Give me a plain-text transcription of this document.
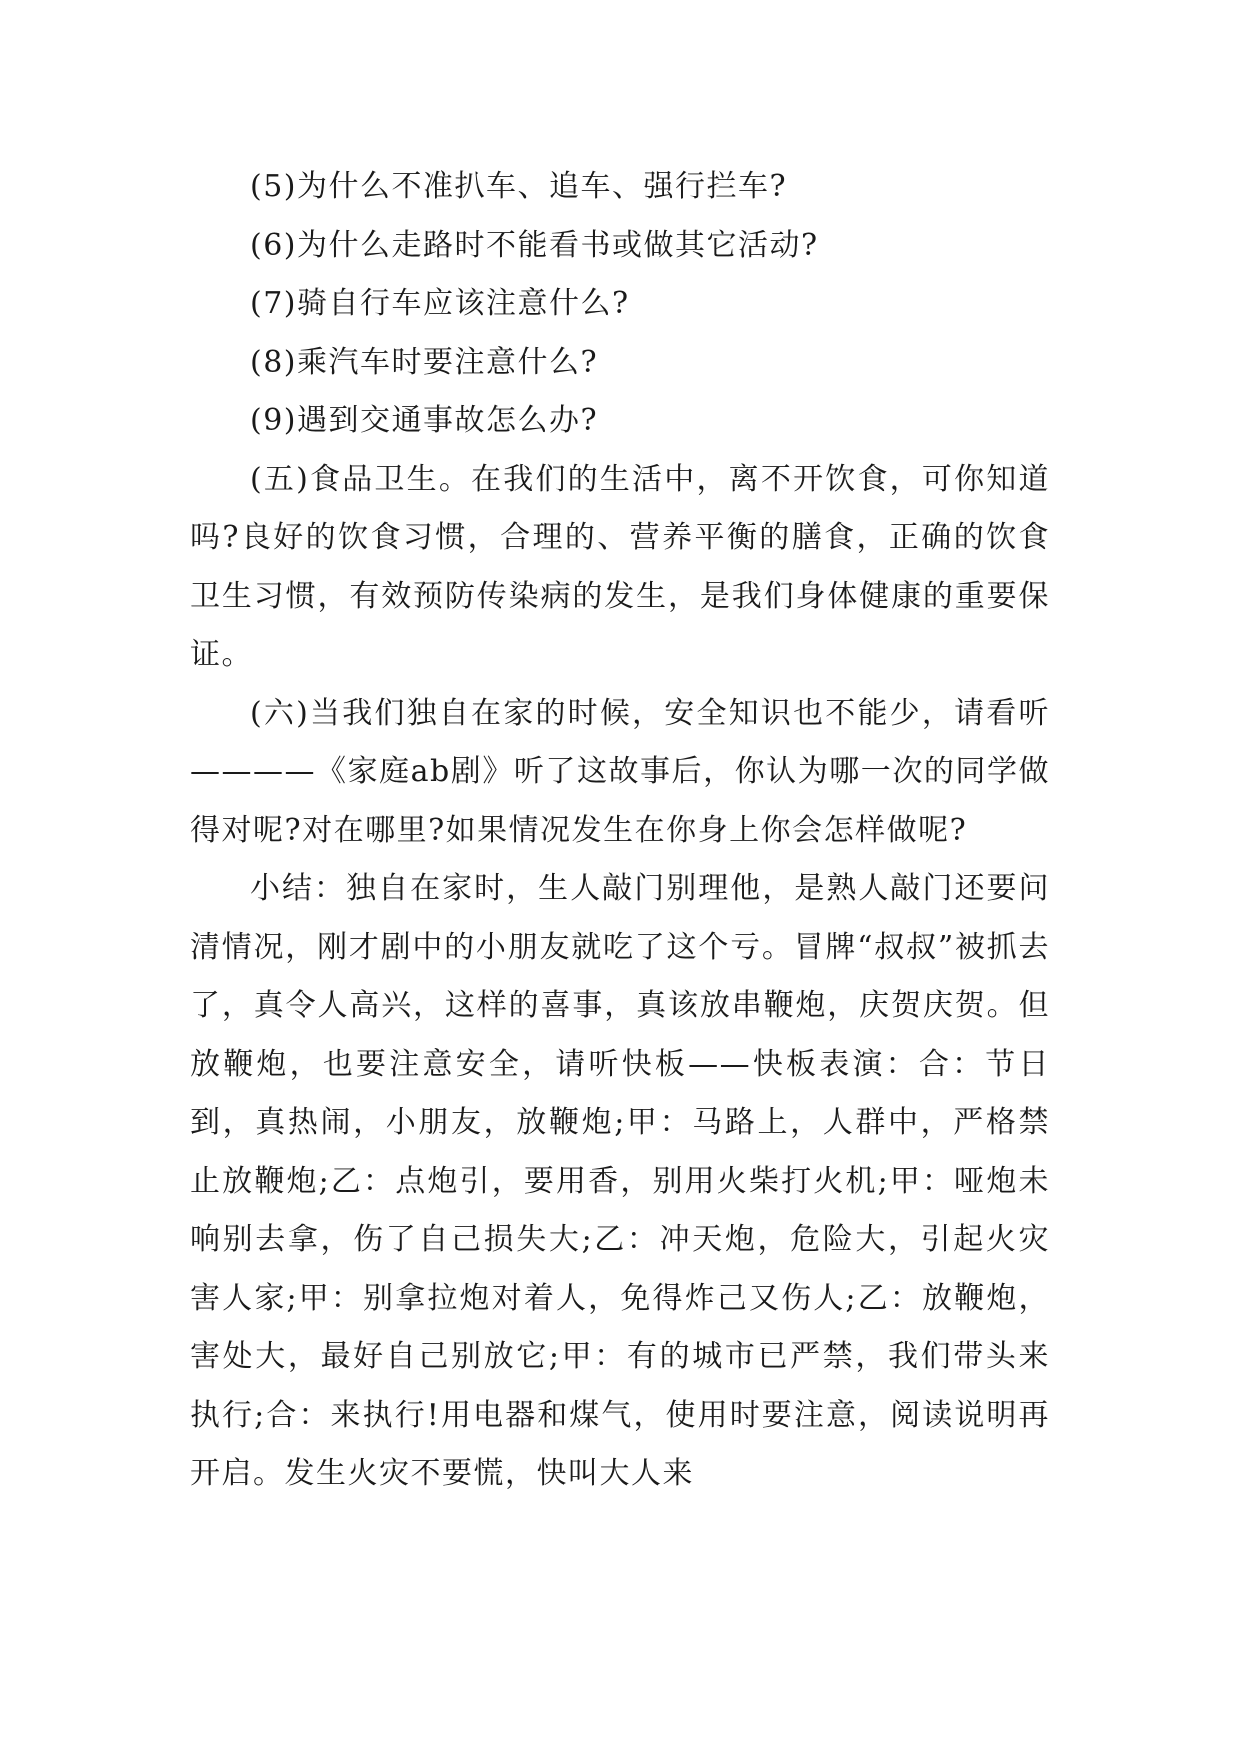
(5)为什么不准扒车、追车、强行拦车?

(6)为什么走路时不能看书或做其它活动?

(7)骑自行车应该注意什么?

(8)乘汽车时要注意什么?

(9)遇到交通事故怎么办?

(五)食品卫生。在我们的生活中，离不开饮食，可你知道吗?良好的饮食习惯，合理的、营养平衡的膳食，正确的饮食卫生习惯，有效预防传染病的发生，是我们身体健康的重要保证。

(六)当我们独自在家的时候，安全知识也不能少，请看听————《家庭ab剧》听了这故事后，你认为哪一次的同学做得对呢?对在哪里?如果情况发生在你身上你会怎样做呢?

小结：独自在家时，生人敲门别理他，是熟人敲门还要问清情况，刚才剧中的小朋友就吃了这个亏。冒牌“叔叔”被抓去了，真令人高兴，这样的喜事，真该放串鞭炮，庆贺庆贺。但放鞭炮，也要注意安全，请听快板——快板表演：合：节日到，真热闹，小朋友，放鞭炮;甲：马路上，人群中，严格禁止放鞭炮;乙：点炮引，要用香，别用火柴打火机;甲：哑炮未响别去拿，伤了自己损失大;乙：冲天炮，危险大，引起火灾害人家;甲：别拿拉炮对着人，免得炸己又伤人;乙：放鞭炮，害处大，最好自己别放它;甲：有的城市已严禁，我们带头来执行;合：来执行!用电器和煤气，使用时要注意，阅读说明再开启。发生火灾不要慌，快叫大人来
